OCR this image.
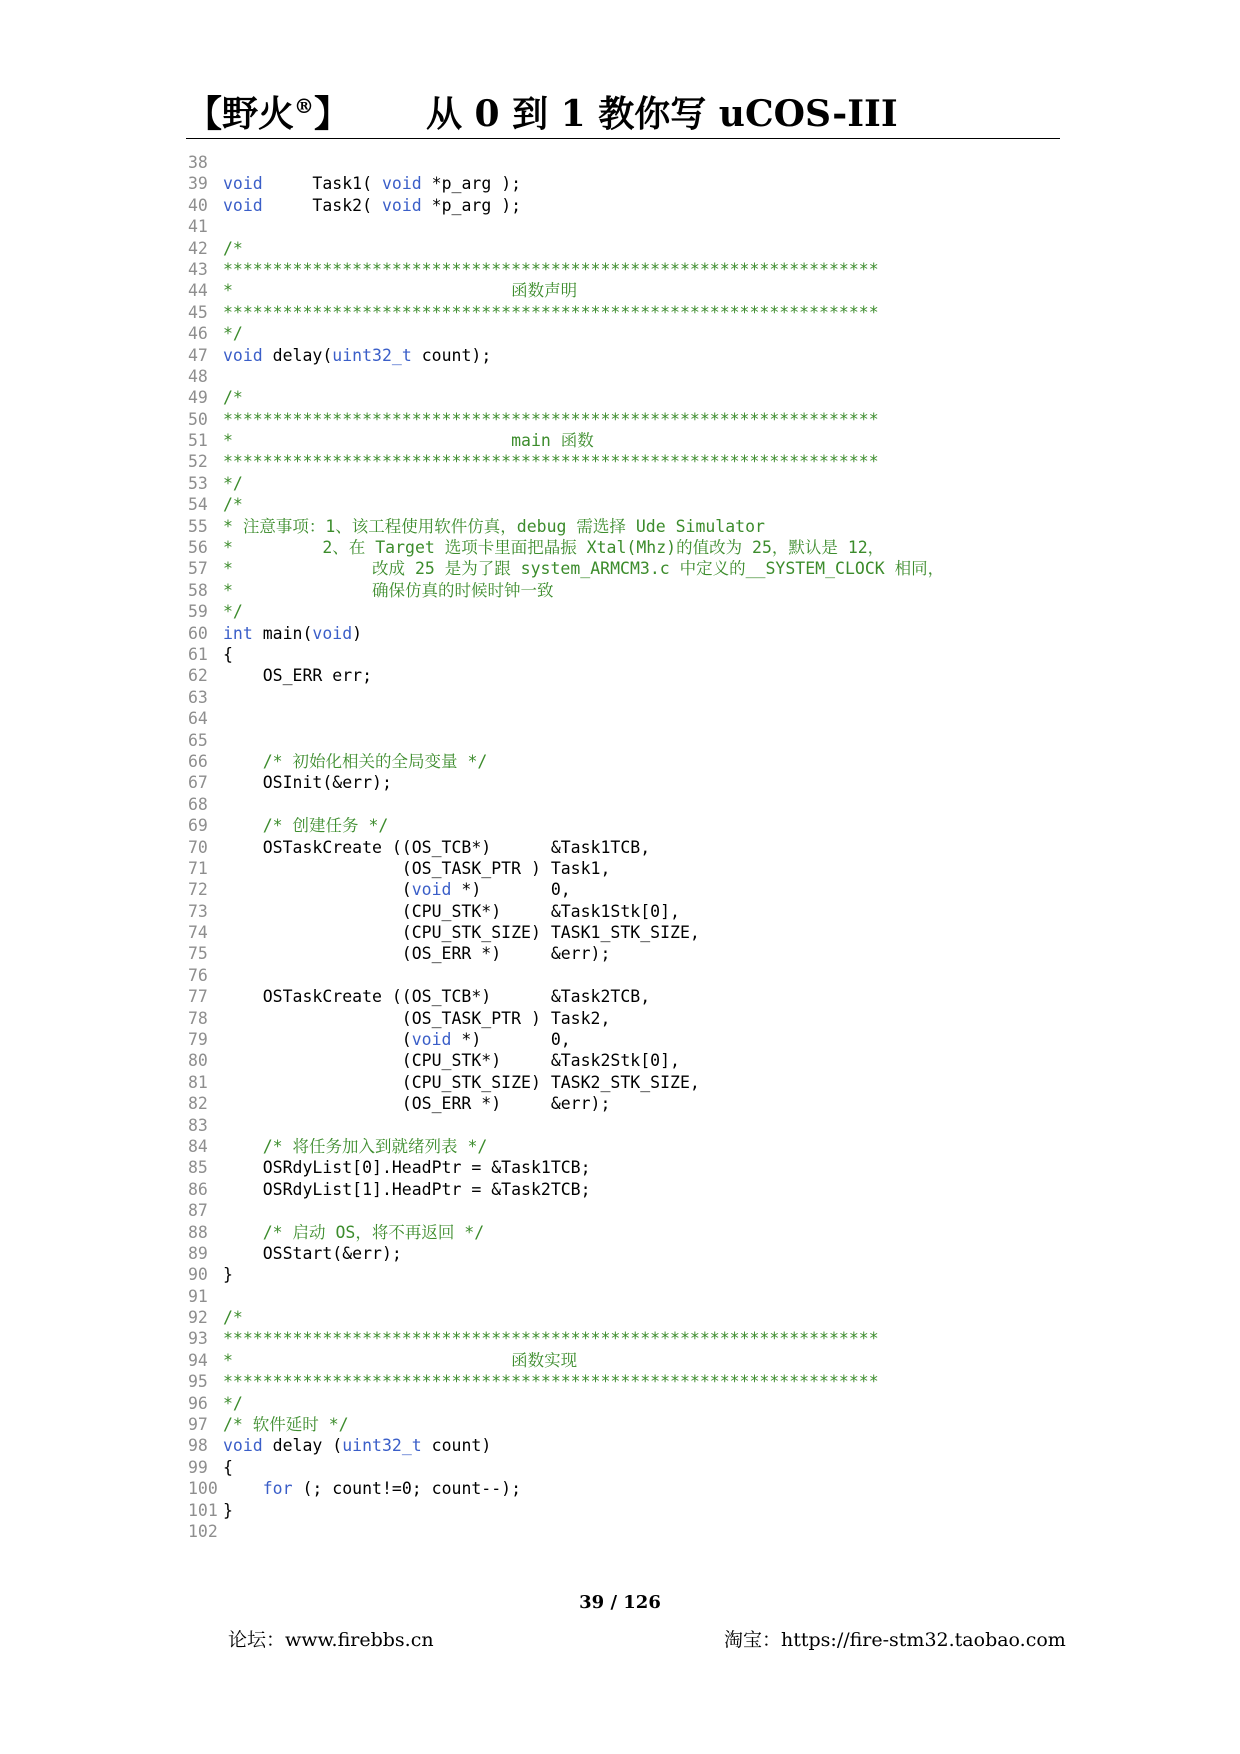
【野火®】 从 0 到 1 教你写 uCOS-III
38
39 void     Task1( void *p_arg );
40 void     Task2( void *p_arg );
41
42 /*
43 ******************************************************************
44 *                            函数声明
45 ******************************************************************
46 */
47 void delay(uint32_t count);
48
49 /*
50 ******************************************************************
51 *                            main 函数
52 ******************************************************************
53 */
54 /*
55 * 注意事项：1、该工程使用软件仿真，debug 需选择 Ude Simulator
56 *         2、在 Target 选项卡里面把晶振 Xtal(Mhz)的值改为 25，默认是 12，
57 *              改成 25 是为了跟 system_ARMCM3.c 中定义的__SYSTEM_CLOCK 相同，
58 *              确保仿真的时候时钟一致
59 */
60 int main(void)
61 {
62    OS_ERR err;
63
64
65
66	/* 初始化相关的全局变量 */
67    OSInit(&err);
68
69	/* 创建任务 */
70    OSTaskCreate ((OS_TCB*)      &Task1TCB,
71                  (OS_TASK_PTR ) Task1,
72                  (void *)       0,
73                  (CPU_STK*)     &Task1Stk[0],
74                  (CPU_STK_SIZE) TASK1_STK_SIZE,
75                  (OS_ERR *)     &err);
76
77    OSTaskCreate ((OS_TCB*)      &Task2TCB,
78                  (OS_TASK_PTR ) Task2,
79                  (void *)       0,
80                  (CPU_STK*)     &Task2Stk[0],
81                  (CPU_STK_SIZE) TASK2_STK_SIZE,
82                  (OS_ERR *)     &err);
83
84	/* 将任务加入到就绪列表 */
85    OSRdyList[0].HeadPtr = &Task1TCB;
86    OSRdyList[1].HeadPtr = &Task2TCB;
87
88	/* 启动 OS，将不再返回 */
89    OSStart(&err);
90 }
91
92 /*
93 ******************************************************************
94 *                            函数实现
95 ******************************************************************
96 */
97 /* 软件延时 */
98 void delay (uint32_t count)
99 {
100	for (; count!=0; count--);
101 }
102
39 / 126
论坛：www.firebbs.cn	淘宝：https://fire-stm32.taobao.com
